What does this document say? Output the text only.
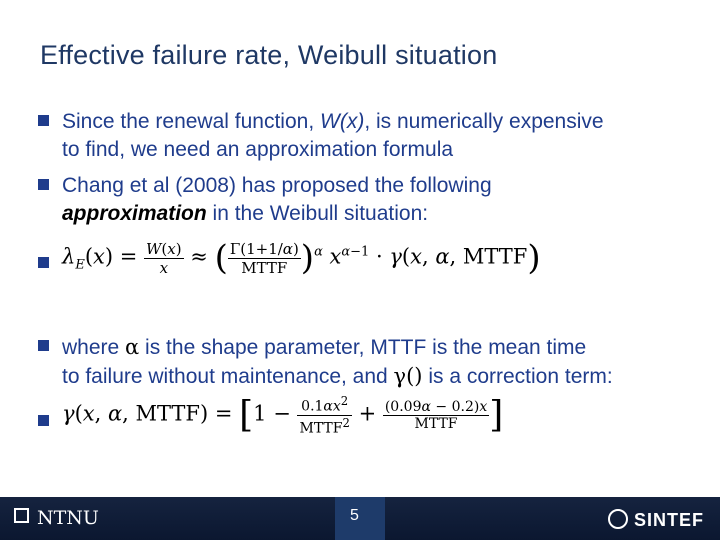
Effective failure rate, Weibull situation
Since the renewal function, W(x), is numerically expensive
to find, we need an approximation formula
Chang et al (2008) has proposed the following
approximation in the Weibull situation:
$\lambda_E(x) = \frac{W(x)}{x}$ ≈ ( $\frac{\Gamma(1+1/\alpha)}{\text{MTTF}} )^\alpha$ $x^{\alpha-1} \cdot \gamma(x$, α, MTTF)
where α is the shape parameter, MTTF is the mean time
to failure without maintenance, and γ() is a correction term:
γ(x, α, MTTF) = [$1 - \frac{0.1\alpha x^2}{MTTF^2} + \frac{(0.09\alpha - 0.2)x}{\text{MTTF}}$ ]
NTNU	SINTEF
5
